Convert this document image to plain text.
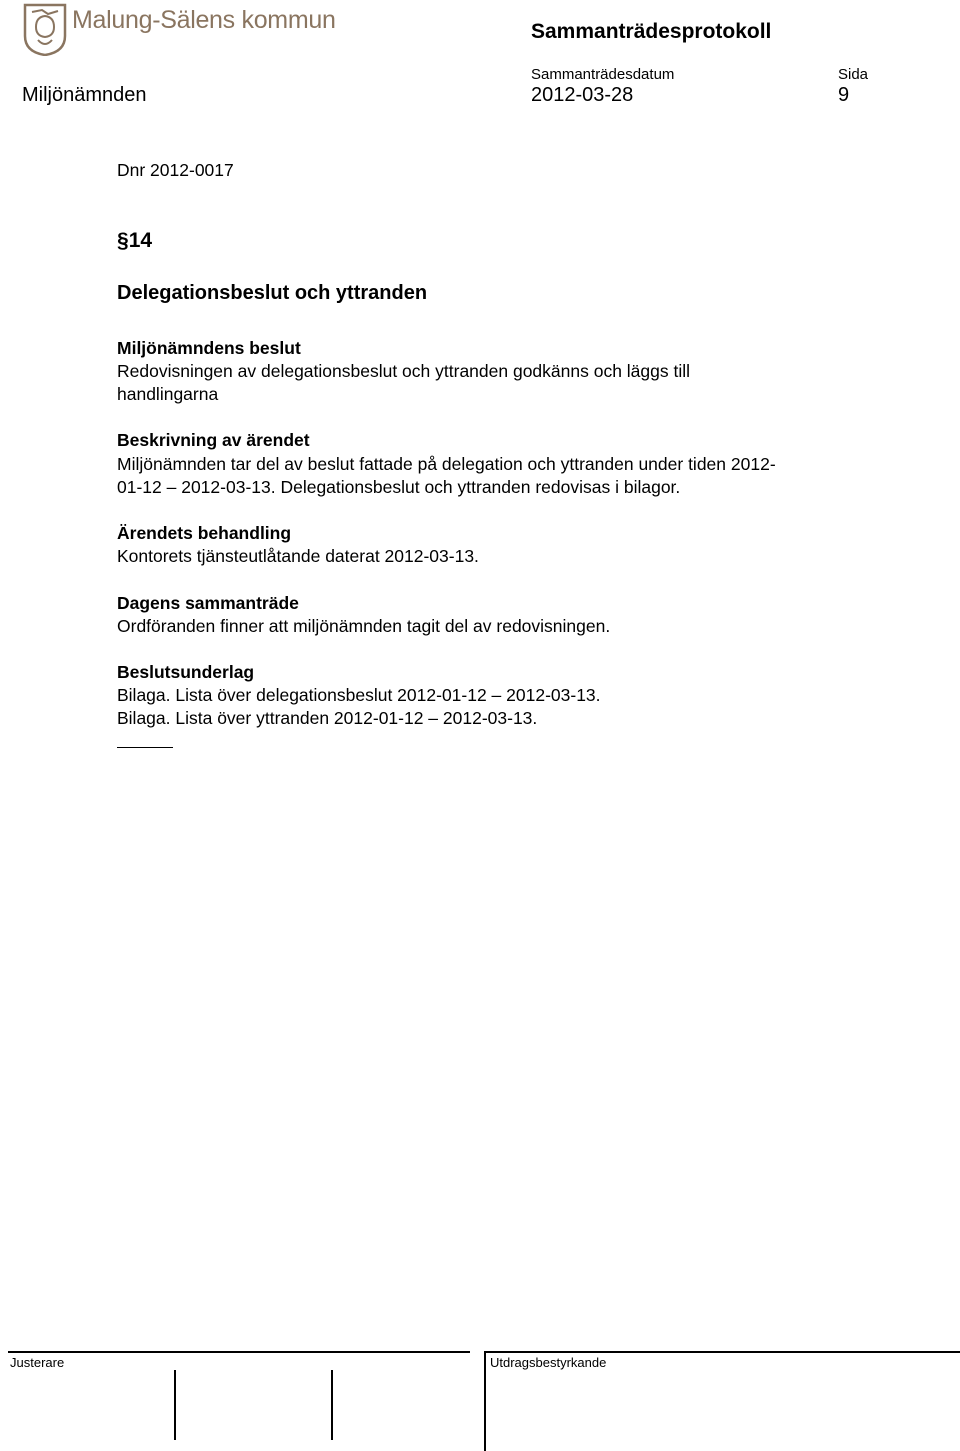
Malung-Sälens kommun	Sammanträdesprotokoll
Sammanträdesdatum	Sida
Miljönämnden	2012-03-28	9
Dnr 2012-0017
§14
Delegationsbeslut och yttranden
Miljönämndens beslut
Redovisningen av delegationsbeslut och yttranden godkänns och läggs till
handlingarna
Beskrivning av ärendet
Miljönämnden tar del av beslut fattade på delegation och yttranden under tiden 2012-
01-12 – 2012-03-13. Delegationsbeslut och yttranden redovisas i bilagor.
Ärendets behandling
Kontorets tjänsteutlåtande daterat 2012-03-13.
Dagens sammanträde
Ordföranden finner att miljönämnden tagit del av redovisningen.
Beslutsunderlag
Bilaga. Lista över delegationsbeslut 2012-01-12 – 2012-03-13.
Bilaga. Lista över yttranden 2012-01-12 – 2012-03-13.
Justerare	Utdragsbestyrkande
